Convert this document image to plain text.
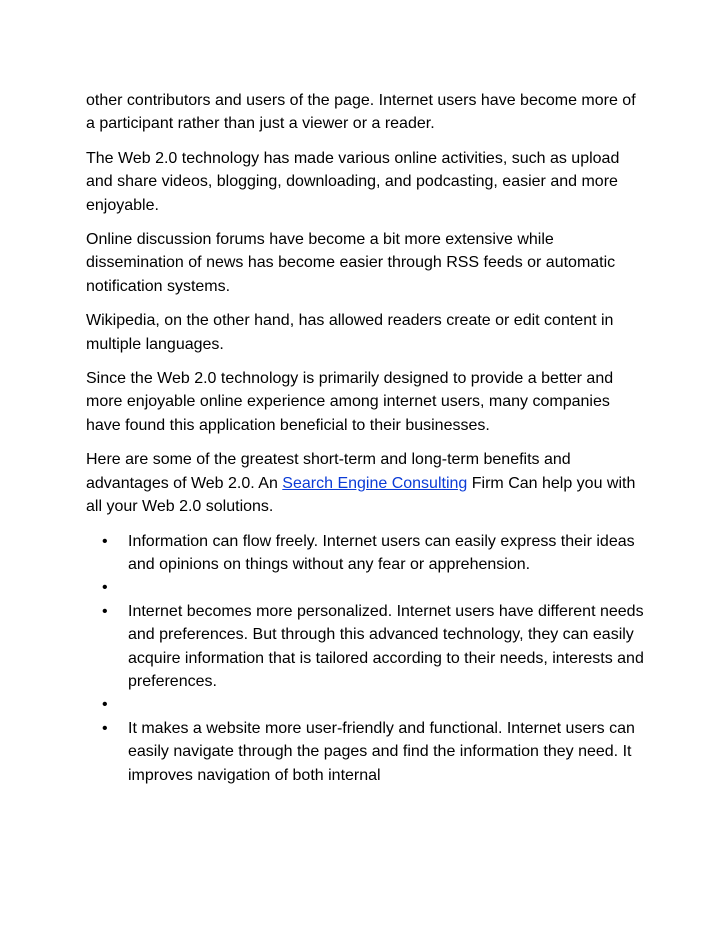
other contributors and users of the page. Internet users have become more of a participant rather than just a viewer or a reader.

The Web 2.0 technology has made various online activities, such as upload and share videos, blogging, downloading, and podcasting, easier and more enjoyable.

Online discussion forums have become a bit more extensive while dissemination of news has become easier through RSS feeds or automatic notification systems.

Wikipedia, on the other hand, has allowed readers create or edit content in multiple languages.

Since the Web 2.0 technology is primarily designed to provide a better and more enjoyable online experience among internet users, many companies have found this application beneficial to their businesses.

Here are some of the greatest short-term and long-term benefits and advantages of Web 2.0. An Search Engine Consulting Firm Can help you with all your Web 2.0 solutions.

•	Information can flow freely. Internet users can easily express their ideas and opinions on things without any fear or apprehension.
•
•	Internet becomes more personalized. Internet users have different needs and preferences. But through this advanced technology, they can easily acquire information that is tailored according to their needs, interests and preferences.
•
•	It makes a website more user-friendly and functional. Internet users can easily navigate through the pages and find the information they need. It improves navigation of both internal
